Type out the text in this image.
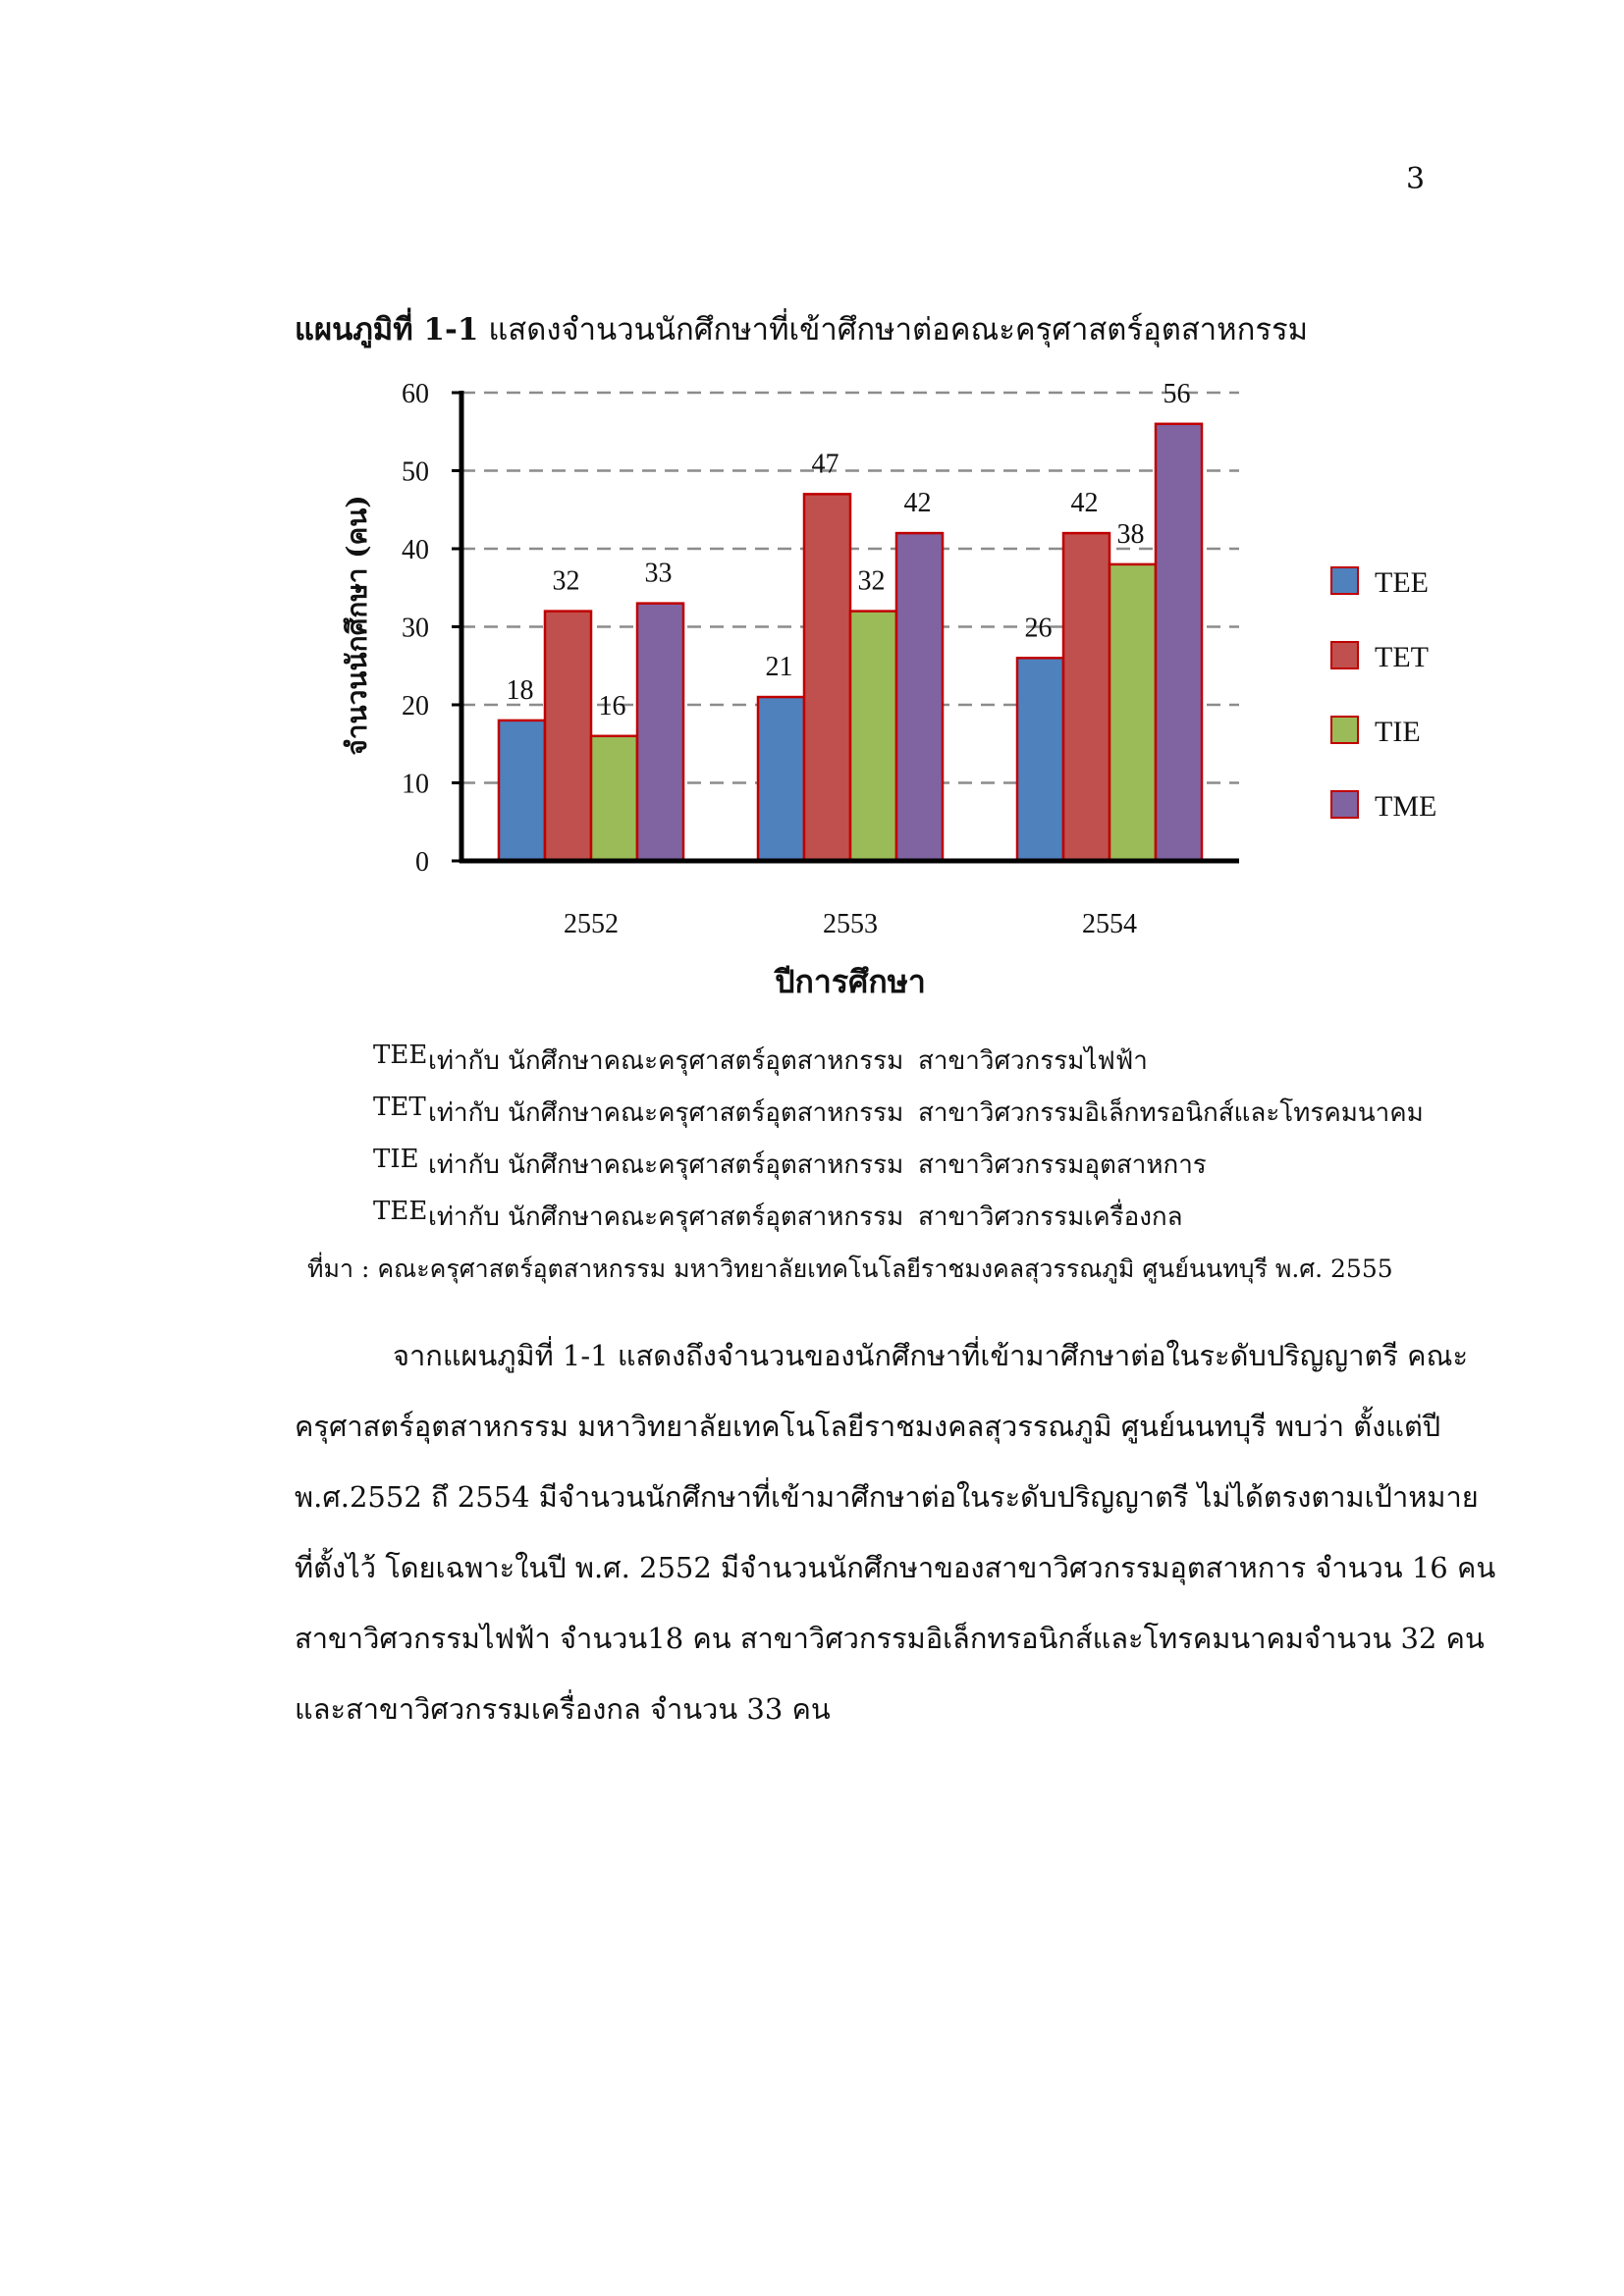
3
แผนภูมิที่ 1-1 แสดงจำนวนนักศึกษาที่เข้าศึกษาต่อคณะครุศาสตร์อุตสาหกรรม
0
10
20
30
40
50
60
18
32
16
33
2552
21
47
32
42
2553
26
42
38
56
2554
ปีการศึกษา
จำนวนนักศึกษา (คน)	TEE
TET
TIE
TME
TEE เท่ากับ นักศึกษาคณะครุศาสตร์อุตสาหกรรม สาขาวิศวกรรมไฟฟ้า
TET เท่ากับ นักศึกษาคณะครุศาสตร์อุตสาหกรรม สาขาวิศวกรรมอิเล็กทรอนิกส์และโทรคมนาคม
TIE เท่ากับ นักศึกษาคณะครุศาสตร์อุตสาหกรรม สาขาวิศวกรรมอุตสาหการ
TEE เท่ากับ นักศึกษาคณะครุศาสตร์อุตสาหกรรม สาขาวิศวกรรมเครื่องกล
ที่มา : คณะครุศาสตร์อุตสาหกรรม มหาวิทยาลัยเทคโนโลยีราชมงคลสุวรรณภูมิ ศูนย์นนทบุรี พ.ศ. 2555
จากแผนภูมิที่ 1-1 แสดงถึงจำนวนของนักศึกษาที่เข้ามาศึกษาต่อในระดับปริญญาตรี คณะ
ครุศาสตร์อุตสาหกรรม มหาวิทยาลัยเทคโนโลยีราชมงคลสุวรรณภูมิ ศูนย์นนทบุรี พบว่า ตั้งแต่ปี
พ.ศ.2552 ถึ 2554 มีจำนวนนักศึกษาที่เข้ามาศึกษาต่อในระดับปริญญาตรี ไม่ได้ตรงตามเป้าหมาย
ที่ตั้งไว้ โดยเฉพาะในปี พ.ศ. 2552 มีจำนวนนักศึกษาของสาขาวิศวกรรมอุตสาหการ จำนวน 16 คน
สาขาวิศวกรรมไฟฟ้า จำนวน18 คน สาขาวิศวกรรมอิเล็กทรอนิกส์และโทรคมนาคมจำนวน 32 คน
และสาขาวิศวกรรมเครื่องกล จำนวน 33 คน
